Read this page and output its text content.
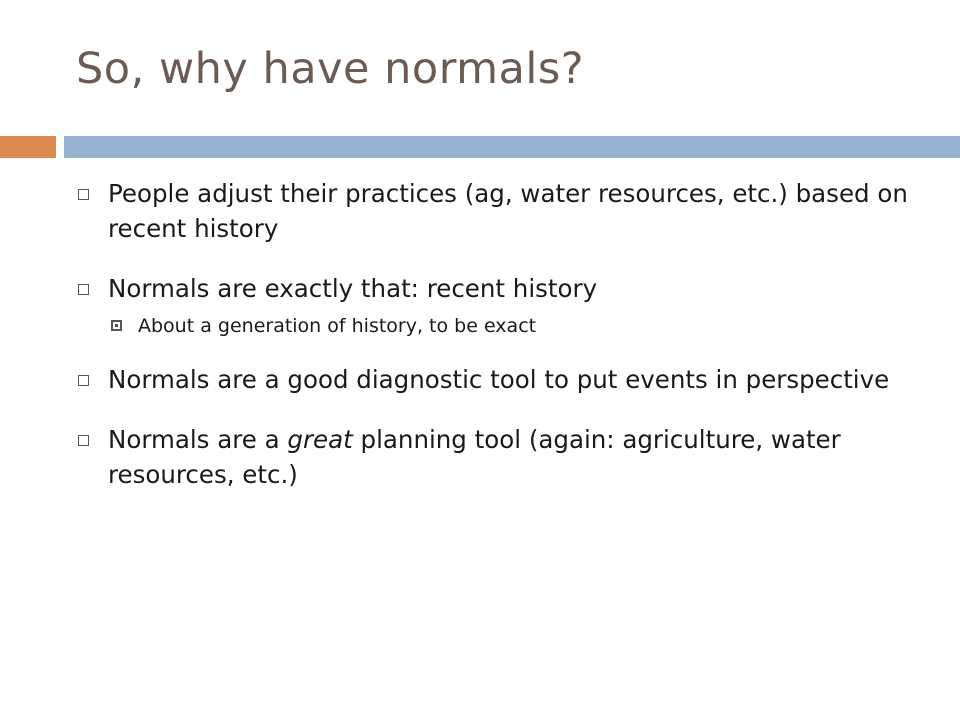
So, why have normals?
People adjust their practices (ag, water resources, etc.) based on recent history
Normals are exactly that: recent history
About a generation of history, to be exact
Normals are a good diagnostic tool to put events in perspective
Normals are a great planning tool (again: agriculture, water resources, etc.)
